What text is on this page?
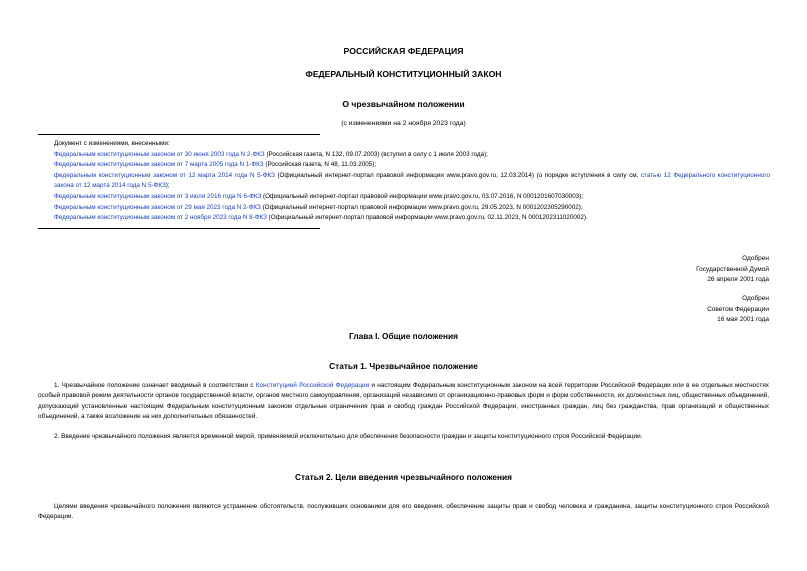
РОССИЙСКАЯ ФЕДЕРАЦИЯ
ФЕДЕРАЛЬНЫЙ КОНСТИТУЦИОННЫЙ ЗАКОН
О чрезвычайном положении
(с изменениями на 2 ноября 2023 года)
Документ с изменениями, внесенными:
Федеральным конституционным законом от 30 июня 2003 года N 2-ФКЗ (Российская газета, N 132, 09.07.2003) (вступил в силу с 1 июля 2003 года);
Федеральным конституционным законом от 7 марта 2005 года N 1-ФКЗ (Российская газета, N 48, 11.03.2005);
федеральным конституционным законом от 12 марта 2014 года N 5-ФКЗ (Официальный интернет-портал правовой информации www.pravo.gov.ru, 12.03.2014) (о порядке вступления в силу см. статью 12 Федерального конституционного закона от 12 марта 2014 года N 5-ФКЗ);
Федеральным конституционным законом от 3 июля 2016 года N 6-ФКЗ (Официальный интернет-портал правовой информации www.pravo.gov.ru, 03.07.2016, N 0001201607030003);
Федеральным конституционным законом от 29 мая 2023 года N 2-ФКЗ (Официальный интернет-портал правовой информации www.pravo.gov.ru, 29.05.2023, N 0001202305290002);
Федеральным конституционным законом от 2 ноября 2023 года N 8-ФКЗ (Официальный интернет-портал правовой информации www.pravo.gov.ru, 02.11.2023, N 0001202311020002).
Одобрен
Государственной Думой
26 апреля 2001 года
Одобрен
Советом Федерации
16 мая 2001 года
Глава I. Общие положения
Статья 1. Чрезвычайное положение
1. Чрезвычайное положение означает вводимый в соответствии с Конституцией Российской Федерации и настоящим Федеральным конституционным законом на всей территории Российской Федерации или в ее отдельных местностях особый правовой режим деятельности органов государственной власти, органов местного самоуправления, организаций независимо от организационно-правовых форм и форм собственности, их должностных лиц, общественных объединений, допускающий установленные настоящим Федеральным конституционным законом отдельные ограничения прав и свобод граждан Российской Федерации, иностранных граждан, лиц без гражданства, прав организаций и общественных объединений, а также возложение на них дополнительных обязанностей.
2. Введение чрезвычайного положения является временной мерой, применяемой исключительно для обеспечения безопасности граждан и защиты конституционного строя Российской Федерации.
Статья 2. Цели введения чрезвычайного положения
Целями введения чрезвычайного положения являются устранение обстоятельств, послуживших основанием для его введения, обеспечение защиты прав и свобод человека и гражданина, защиты конституционного строя Российской Федерации.
